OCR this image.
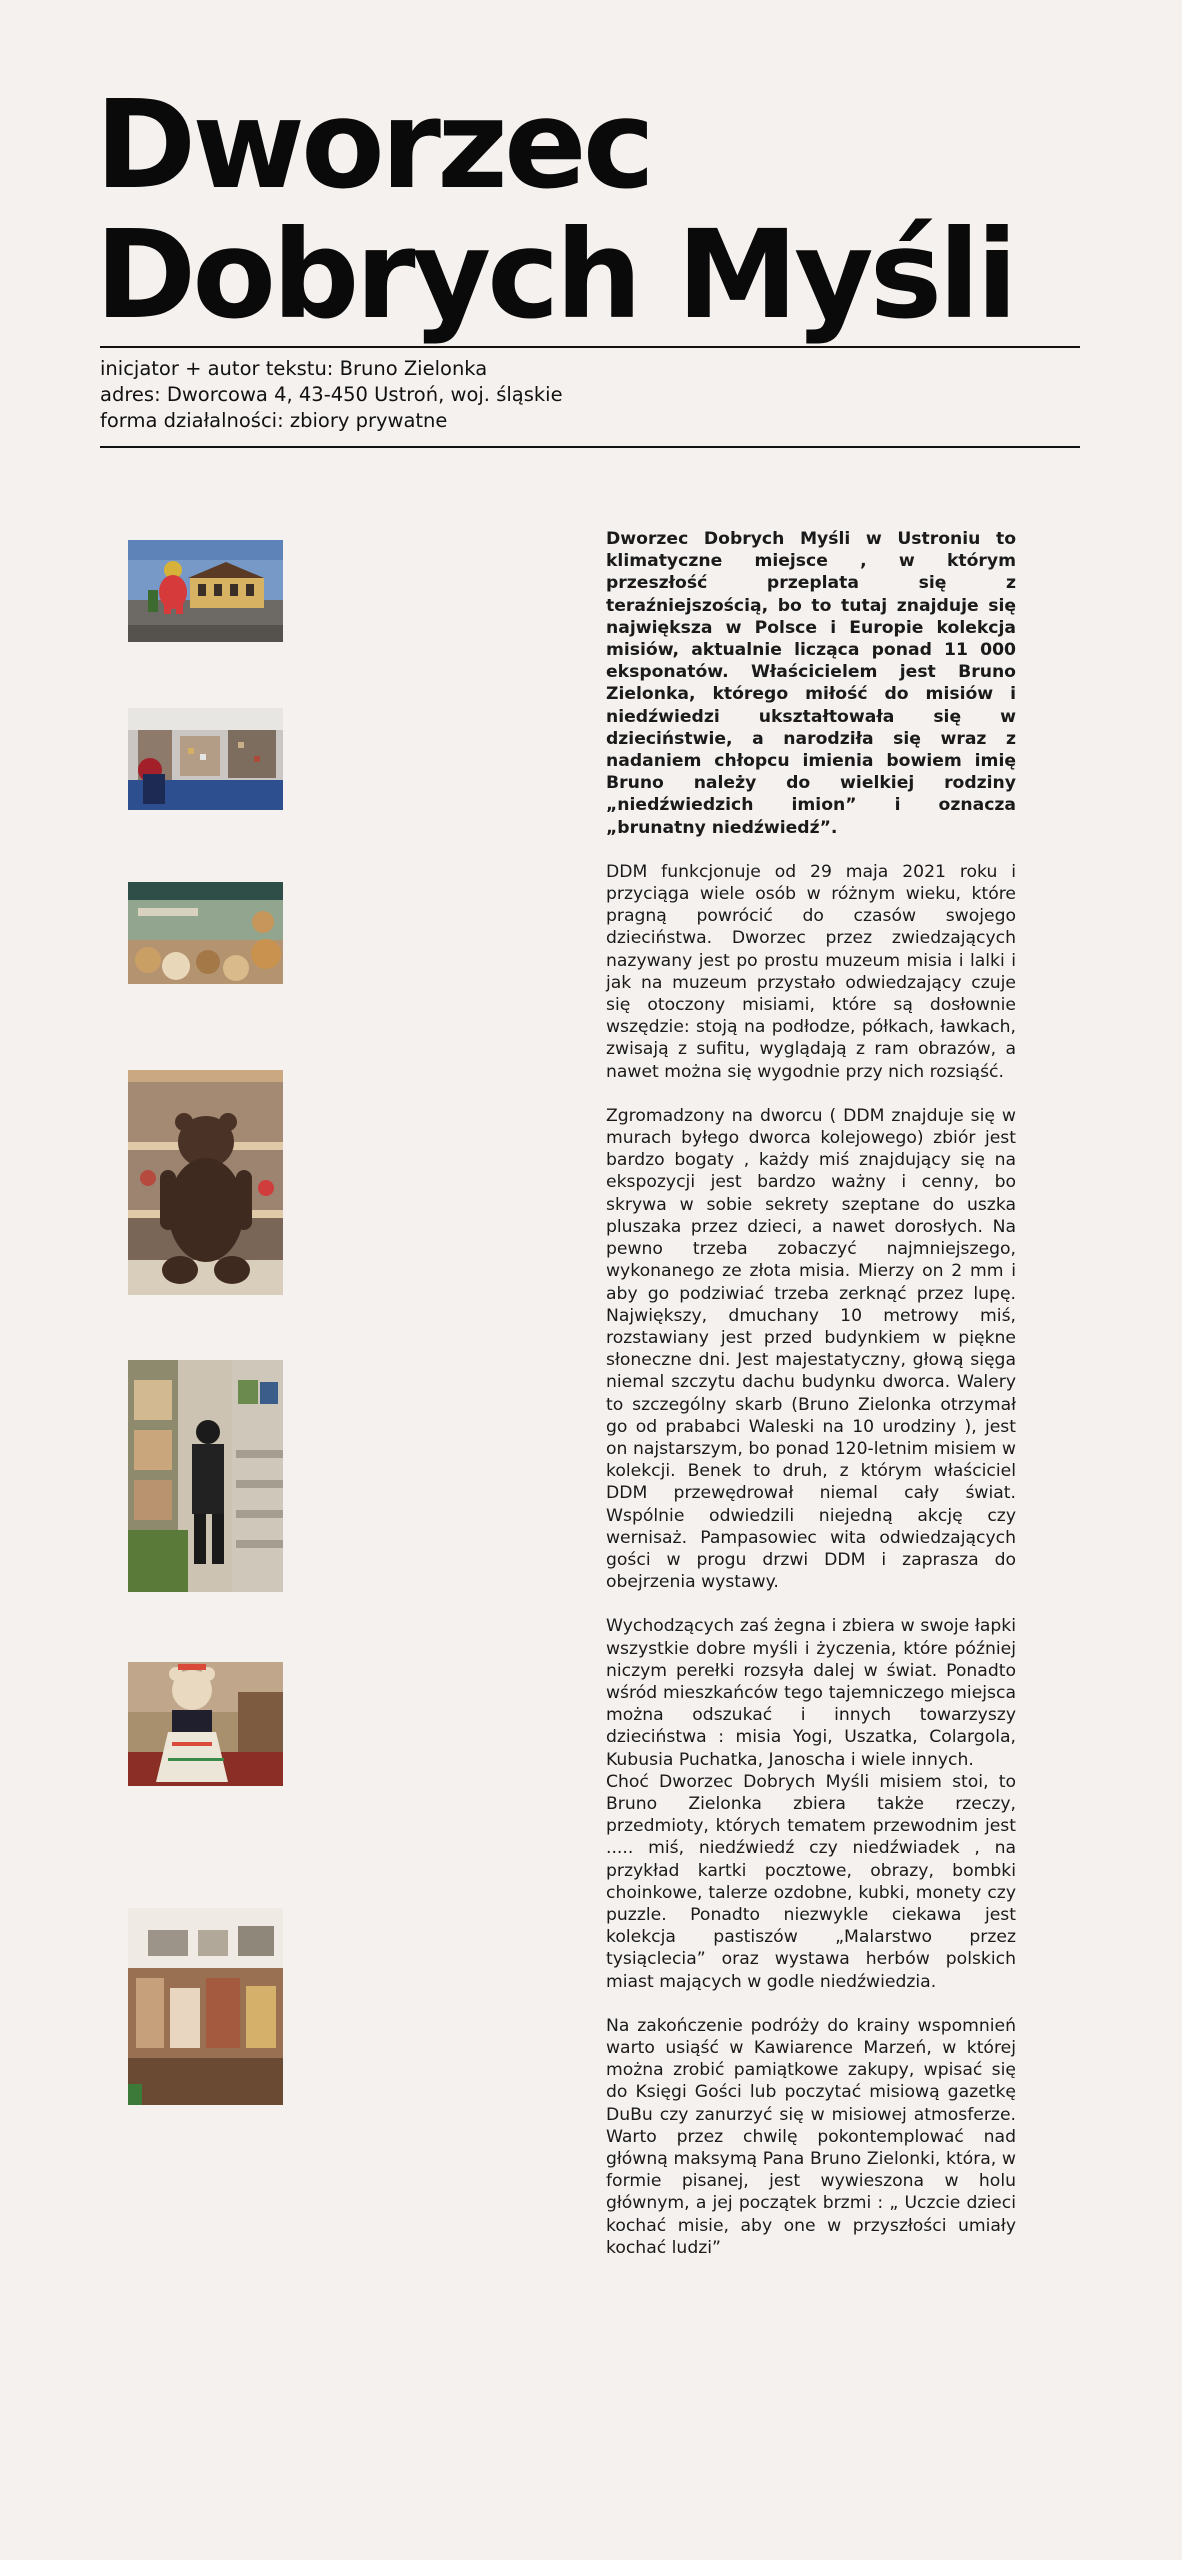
Dworzec
Dobrych Myśli
inicjator + autor tekstu: Bruno Zielonka
adres: Dworcowa 4, 43-450 Ustroń, woj. śląskie
forma działalności: zbiory prywatne

Dworzec Dobrych Myśli w Ustroniu to klimatyczne miejsce , w którym przeszłość przeplata się z teraźniejszością, bo to tutaj znajduje się największa w Polsce i Europie kolekcja misiów, aktualnie licząca ponad 11 000 eksponatów. Właścicielem jest Bruno Zielonka, którego miłość do misiów i niedźwiedzi ukształtowała się w dzieciństwie, a narodziła się wraz z nadaniem chłopcu imienia bowiem imię Bruno należy do wielkiej rodziny „niedźwiedzich imion” i oznacza „brunatny niedźwiedź”.

DDM funkcjonuje od 29 maja 2021 roku i przyciąga wiele osób w różnym wieku, które pragną powrócić do czasów swojego dzieciństwa. Dworzec przez zwiedzających nazywany jest po prostu muzeum misia i lalki i jak na muzeum przystało odwiedzający czuje się otoczony misiami, które są dosłownie wszędzie: stoją na podłodze, półkach, ławkach, zwisają z sufitu, wyglądają z ram obrazów, a nawet można się wygodnie przy nich rozsiąść.

Zgromadzony na dworcu ( DDM znajduje się w murach byłego dworca kolejowego) zbiór jest bardzo bogaty , każdy miś znajdujący się na ekspozycji jest bardzo ważny i cenny, bo skrywa w sobie sekrety szeptane do uszka pluszaka przez dzieci, a nawet dorosłych. Na pewno trzeba zobaczyć najmniejszego, wykonanego ze złota misia. Mierzy on 2 mm i aby go podziwiać trzeba zerknąć przez lupę. Największy, dmuchany 10 metrowy miś, rozstawiany jest przed budynkiem w piękne słoneczne dni. Jest majestatyczny, głową sięga niemal szczytu dachu budynku dworca. Walery to szczególny skarb (Bruno Zielonka otrzymał go od prababci Waleski na 10 urodziny ), jest on najstarszym, bo ponad 120-letnim misiem w kolekcji. Benek to druh, z którym właściciel DDM przewędrował niemal cały świat. Wspólnie odwiedzili niejedną akcję czy wernisaż. Pampasowiec wita odwiedzających gości w progu drzwi DDM i zaprasza do obejrzenia wystawy.

Wychodzących zaś żegna i zbiera w swoje łapki wszystkie dobre myśli i życzenia, które później niczym perełki rozsyła dalej w świat. Ponadto wśród mieszkańców tego tajemniczego miejsca można odszukać i innych towarzyszy dzieciństwa : misia Yogi, Uszatka, Colargola, Kubusia Puchatka, Janoscha i wiele innych.

Choć Dworzec Dobrych Myśli misiem stoi, to Bruno Zielonka zbiera także rzeczy, przedmioty, których tematem przewodnim jest ..... miś, niedźwiedź czy niedźwiadek , na przykład kartki pocztowe, obrazy, bombki choinkowe, talerze ozdobne, kubki, monety czy puzzle. Ponadto niezwykle ciekawa jest kolekcja pastiszów „Malarstwo przez tysiąclecia” oraz wystawa herbów polskich miast mających w godle niedźwiedzia.

Na zakończenie podróży do krainy wspomnień warto usiąść w Kawiarence Marzeń, w której można zrobić pamiątkowe zakupy, wpisać się do Księgi Gości lub poczytać misiową gazetkę DuBu czy zanurzyć się w misiowej atmosferze. Warto przez chwilę pokontemplować nad główną maksymą Pana Bruno Zielonki, która, w formie pisanej, jest wywieszona w holu głównym, a jej początek brzmi : „ Uczcie dzieci kochać misie, aby one w przyszłości umiały kochać ludzi”
